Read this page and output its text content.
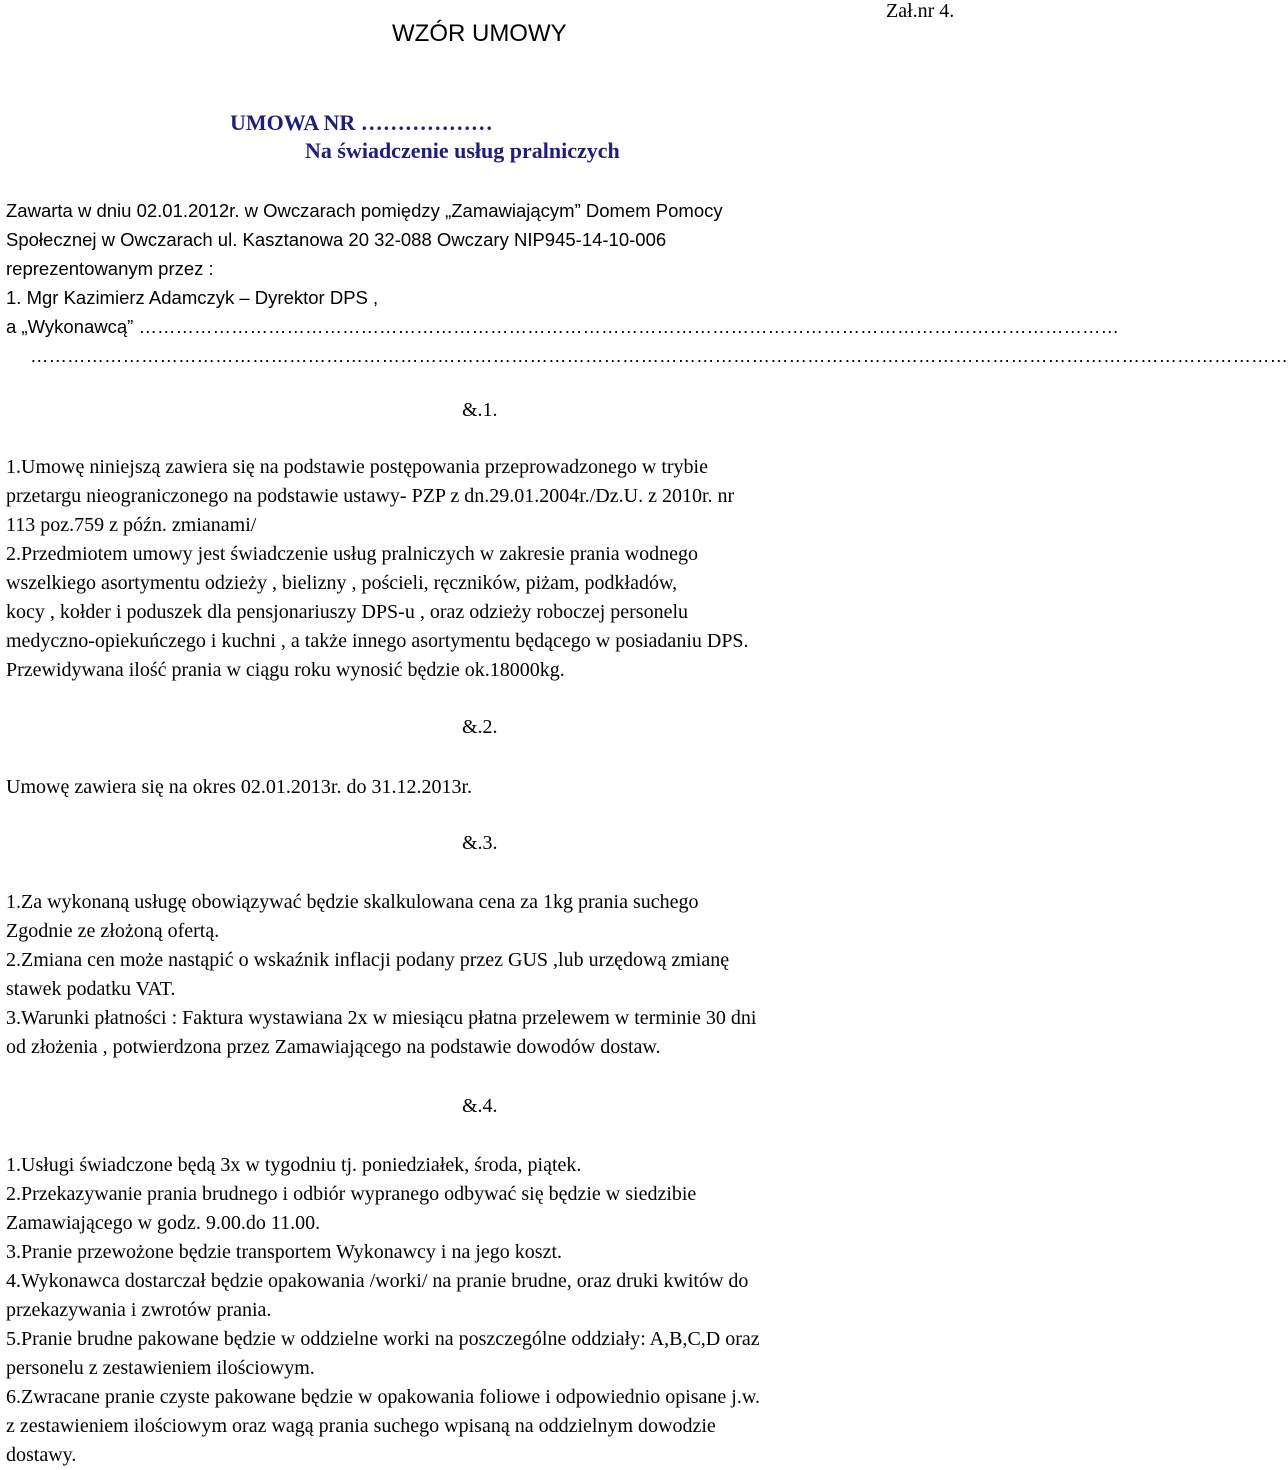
Zał.nr 4.
WZÓR UMOWY
UMOWA NR ………………
Na świadczenie usług pralniczych
Zawarta w dniu 02.01.2012r. w Owczarach pomiędzy „Zamawiającym” Domem Pomocy
Społecznej w Owczarach ul. Kasztanowa 20 32-088 Owczary NIP945-14-10-006
reprezentowanym przez :
1. Mgr Kazimierz Adamczyk – Dyrektor DPS ,
a „Wykonawcą” ……………………………………………………………………………………………………………………………………………
……………………………………………………………………………………………………………………………………………………………………………………
&.1.
1.Umowę niniejszą zawiera się na podstawie postępowania przeprowadzonego w trybie
przetargu nieograniczonego na podstawie ustawy- PZP z dn.29.01.2004r./Dz.U. z 2010r. nr
113 poz.759 z późn. zmianami/
2.Przedmiotem umowy jest świadczenie usług pralniczych w zakresie prania wodnego
wszelkiego asortymentu odzieży , bielizny , pościeli, ręczników, piżam, podkładów,
kocy , kołder i poduszek dla pensjonariuszy DPS-u , oraz odzieży roboczej personelu
medyczno-opiekuńczego i kuchni , a także innego asortymentu będącego w posiadaniu DPS.
Przewidywana ilość prania w ciągu roku wynosić będzie ok.18000kg.
&.2.
Umowę zawiera się na okres 02.01.2013r. do 31.12.2013r.
&.3.
1.Za wykonaną usługę obowiązywać będzie skalkulowana cena za 1kg prania suchego
Zgodnie ze złożoną ofertą.
2.Zmiana cen może nastąpić o wskaźnik inflacji podany przez GUS ,lub urzędową zmianę
stawek podatku VAT.
3.Warunki płatności : Faktura wystawiana 2x w miesiącu płatna przelewem w terminie 30 dni
od złożenia , potwierdzona przez Zamawiającego na podstawie dowodów dostaw.
&.4.
1.Usługi świadczone będą 3x w tygodniu tj. poniedziałek, środa, piątek.
2.Przekazywanie prania brudnego i odbiór wypranego odbywać się będzie w siedzibie
Zamawiającego w godz. 9.00.do 11.00.
3.Pranie przewożone będzie transportem Wykonawcy i na jego koszt.
4.Wykonawca dostarczał będzie opakowania /worki/ na pranie brudne, oraz druki kwitów do
przekazywania i zwrotów prania.
5.Pranie brudne pakowane będzie w oddzielne worki na poszczególne oddziały: A,B,C,D oraz
personelu z zestawieniem ilościowym.
6.Zwracane pranie czyste pakowane będzie w opakowania foliowe i odpowiednio opisane j.w.
z zestawieniem ilościowym oraz wagą prania suchego wpisaną na oddzielnym dowodzie
dostawy.
